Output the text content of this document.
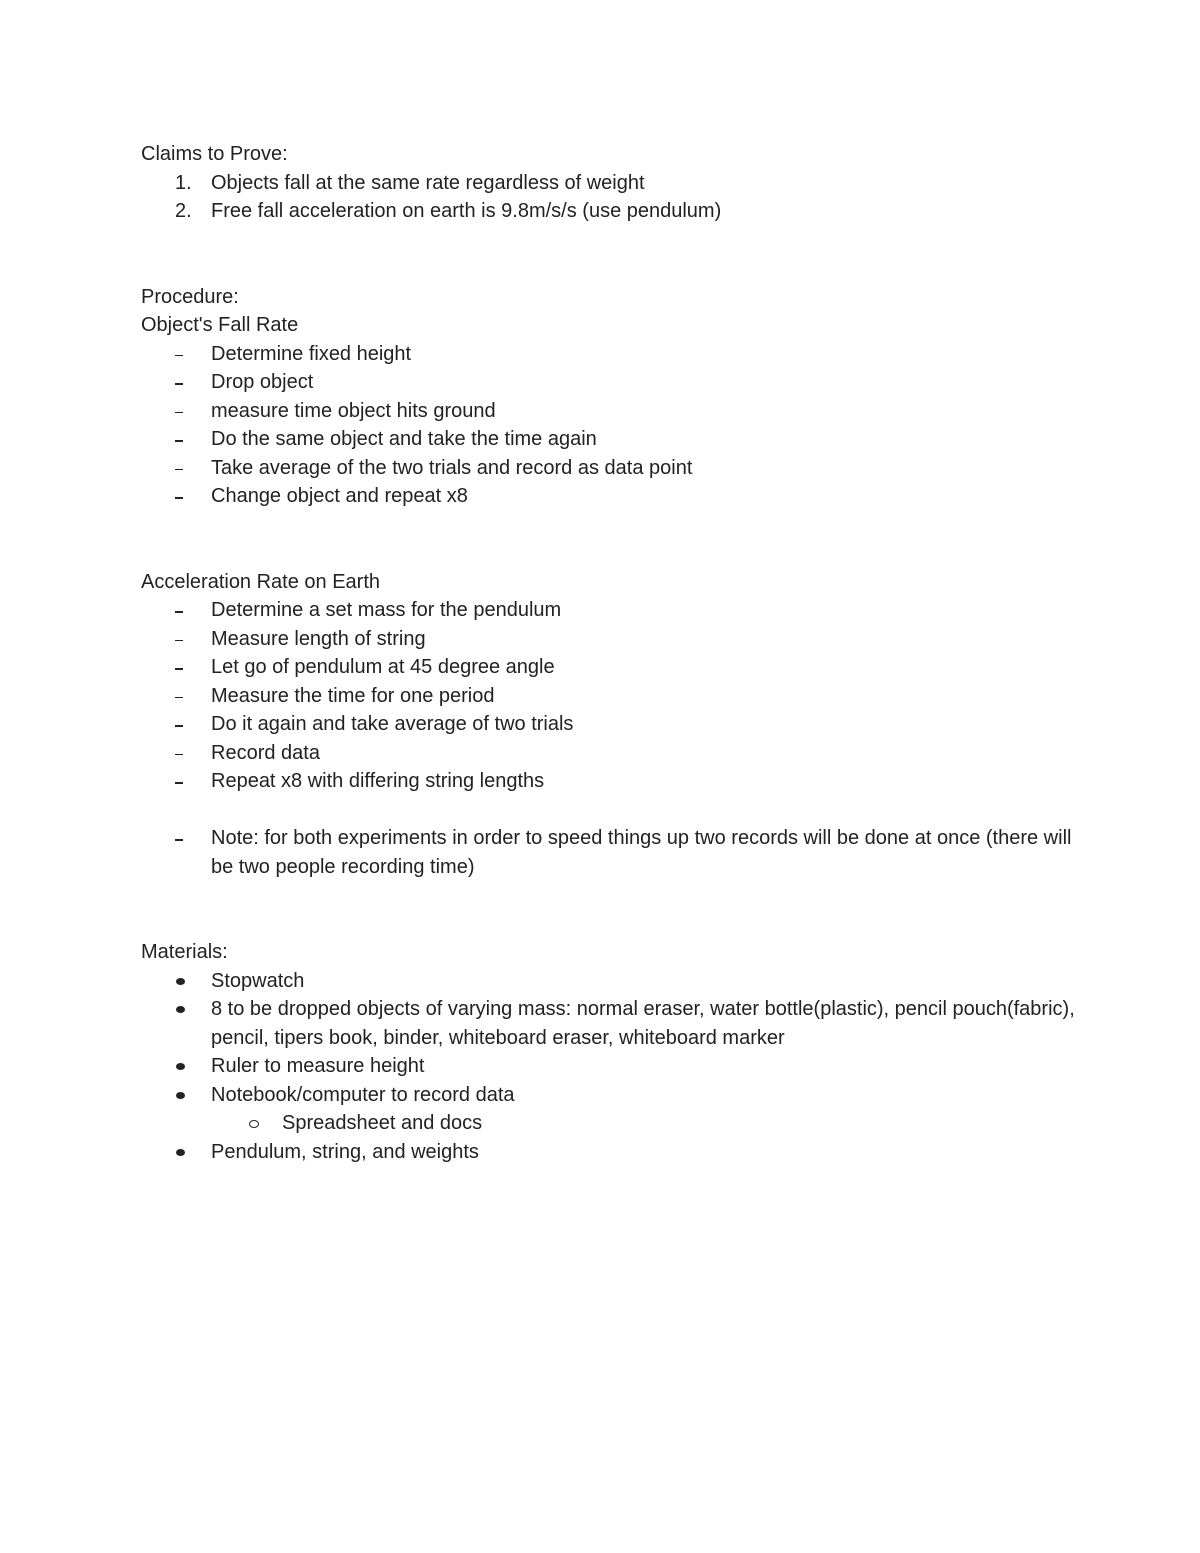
Claims to Prove:

1. Objects fall at the same rate regardless of weight
2. Free fall acceleration on earth is 9.8m/s/s (use pendulum)

Procedure:

Object's Fall Rate

Determine fixed height
Drop object
measure time object hits ground
Do the same object and take the time again
Take average of the two trials and record as data point
Change object and repeat x8

Acceleration Rate on Earth

Determine a set mass for the pendulum
Measure length of string
Let go of pendulum at 45 degree angle
Measure the time for one period
Do it again and take average of two trials
Record data
Repeat x8 with differing string lengths
Note: for both experiments in order to speed things up two records will be done at once (there will be two people recording time)

Materials:

Stopwatch
8 to be dropped objects of varying mass: normal eraser, water bottle(plastic), pencil pouch(fabric), pencil, tipers book, binder, whiteboard eraser, whiteboard marker
Ruler to measure height
Notebook/computer to record data
Spreadsheet and docs
Pendulum, string, and weights
